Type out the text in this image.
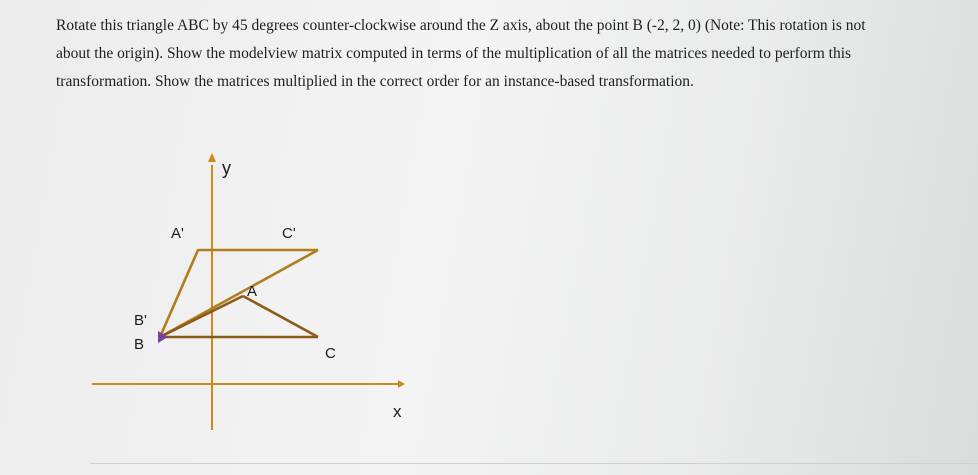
Rotate this triangle ABC by 45 degrees counter-clockwise around the Z axis, about the point B (-2, 2, 0) (Note: This rotation is not about the origin). Show the modelview matrix computed in terms of the multiplication of all the matrices needed to perform this transformation. Show the matrices multiplied in the correct order for an instance-based transformation.

y
x
A'	C'
A
B'
B
C
